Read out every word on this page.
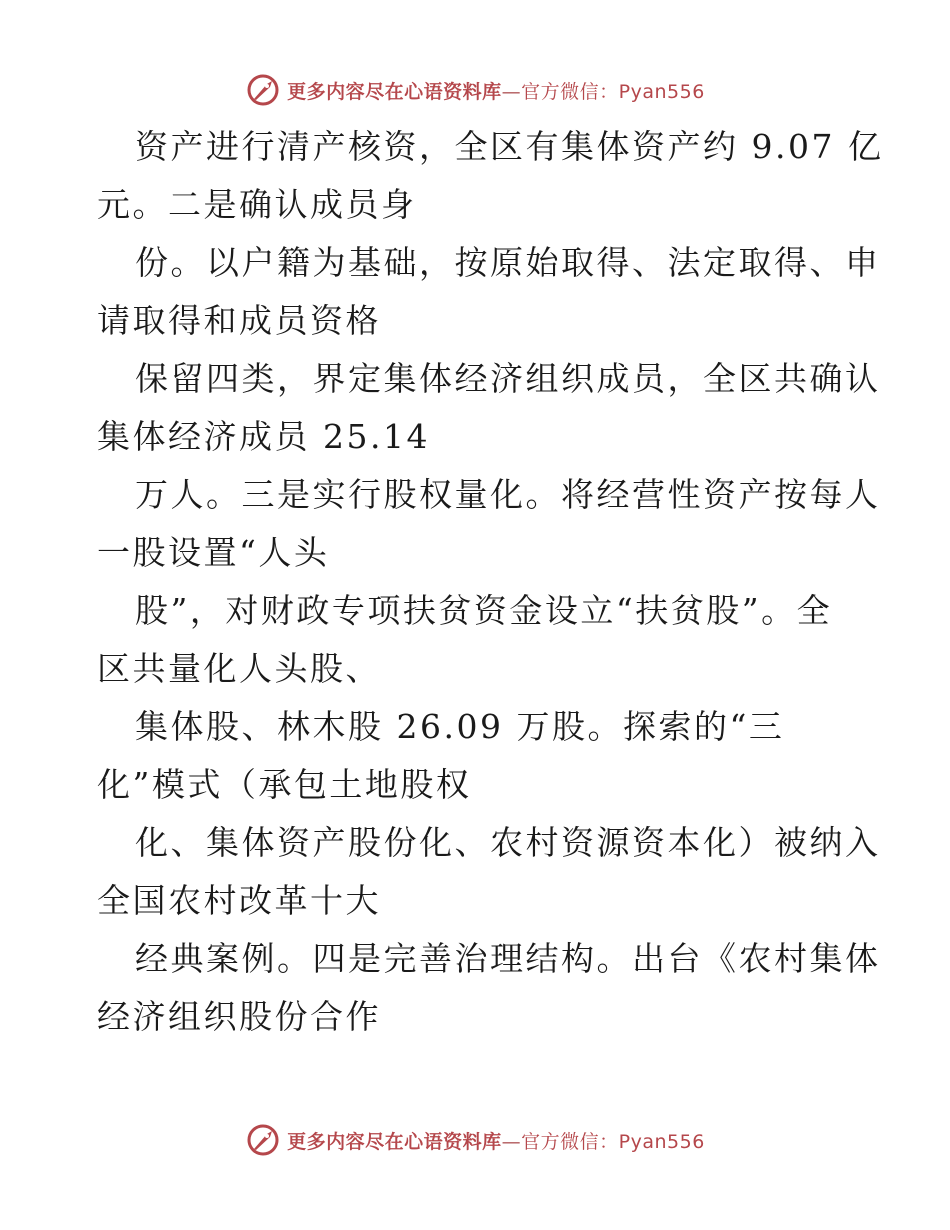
更多内容尽在心语资料库—官方微信：Pyan556
资产进行清产核资，全区有集体资产约 9.07 亿
元。二是确认成员身
份。以户籍为基础，按原始取得、法定取得、申
请取得和成员资格
保留四类，界定集体经济组织成员，全区共确认
集体经济成员 25.14
万人。三是实行股权量化。将经营性资产按每人
一股设置“人头
股”，对财政专项扶贫资金设立“扶贫股”。全
区共量化人头股、
集体股、林木股 26.09 万股。探索的“三
化”模式（承包土地股权
化、集体资产股份化、农村资源资本化）被纳入
全国农村改革十大
经典案例。四是完善治理结构。出台《农村集体
经济组织股份合作
更多内容尽在心语资料库—官方微信：Pyan556
